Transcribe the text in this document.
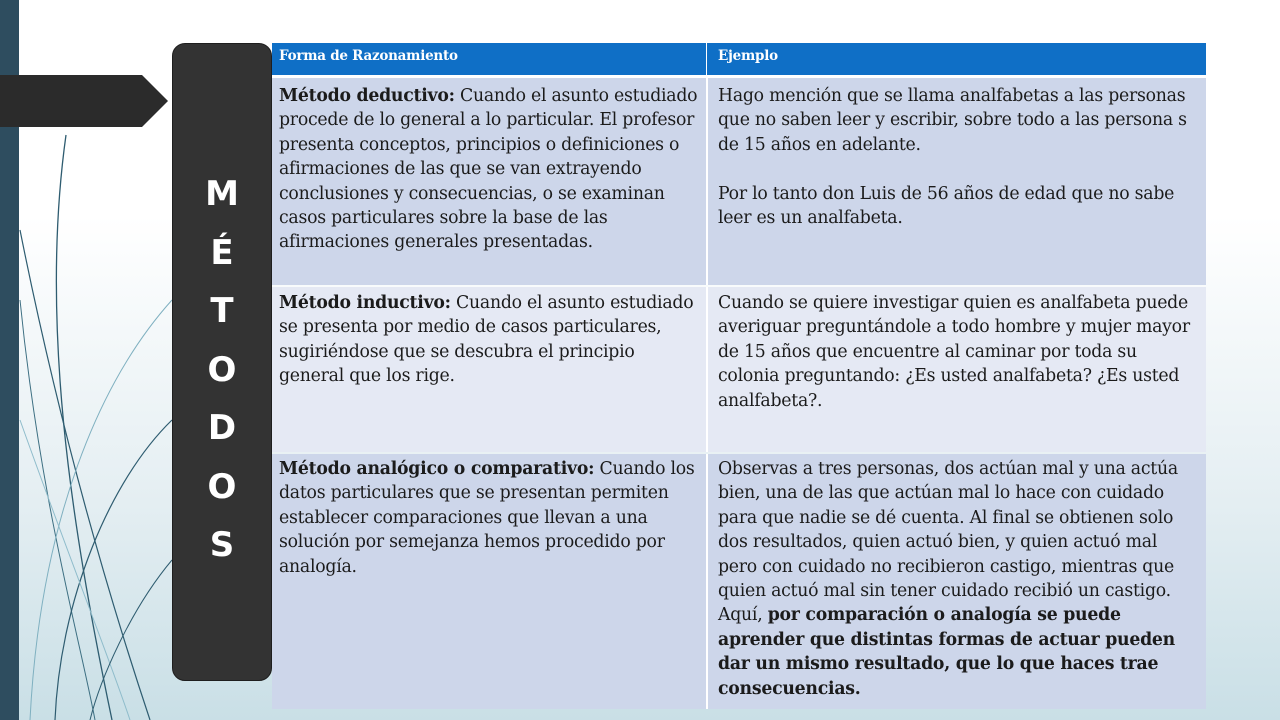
M
É
T
O
D
O
S
Forma de Razonamiento	Ejemplo
Método deductivo: Cuando el asunto estudiado procede de lo general a lo particular. El profesor presenta conceptos, principios o definiciones o afirmaciones de las que se van extrayendo conclusiones y consecuencias, o se examinan casos particulares sobre la base de las afirmaciones generales presentadas.
Hago mención que se llama analfabetas a las personas que no saben leer y escribir, sobre todo a las persona s de 15 años en adelante.
Por lo tanto don Luis de 56 años de edad que no sabe leer es un analfabeta.
Método inductivo: Cuando el asunto estudiado se presenta por medio de casos particulares, sugiriéndose que se descubra el principio general que los rige.
Cuando se quiere investigar quien es analfabeta puede averiguar preguntándole a todo hombre y mujer mayor de 15 años que encuentre al caminar por toda su colonia preguntando: ¿Es usted analfabeta? ¿Es usted analfabeta?.
Método analógico o comparativo: Cuando los datos particulares que se presentan permiten establecer comparaciones que llevan a una solución por semejanza hemos procedido por analogía.
Observas a tres personas, dos actúan mal y una actúa bien, una de las que actúan mal lo hace con cuidado para que nadie se dé cuenta. Al final se obtienen solo dos resultados, quien actuó bien, y quien actuó mal pero con cuidado no recibieron castigo, mientras que quien actuó mal sin tener cuidado recibió un castigo. Aquí, por comparación o analogía se puede aprender que distintas formas de actuar pueden dar un mismo resultado, que lo que haces trae consecuencias.
